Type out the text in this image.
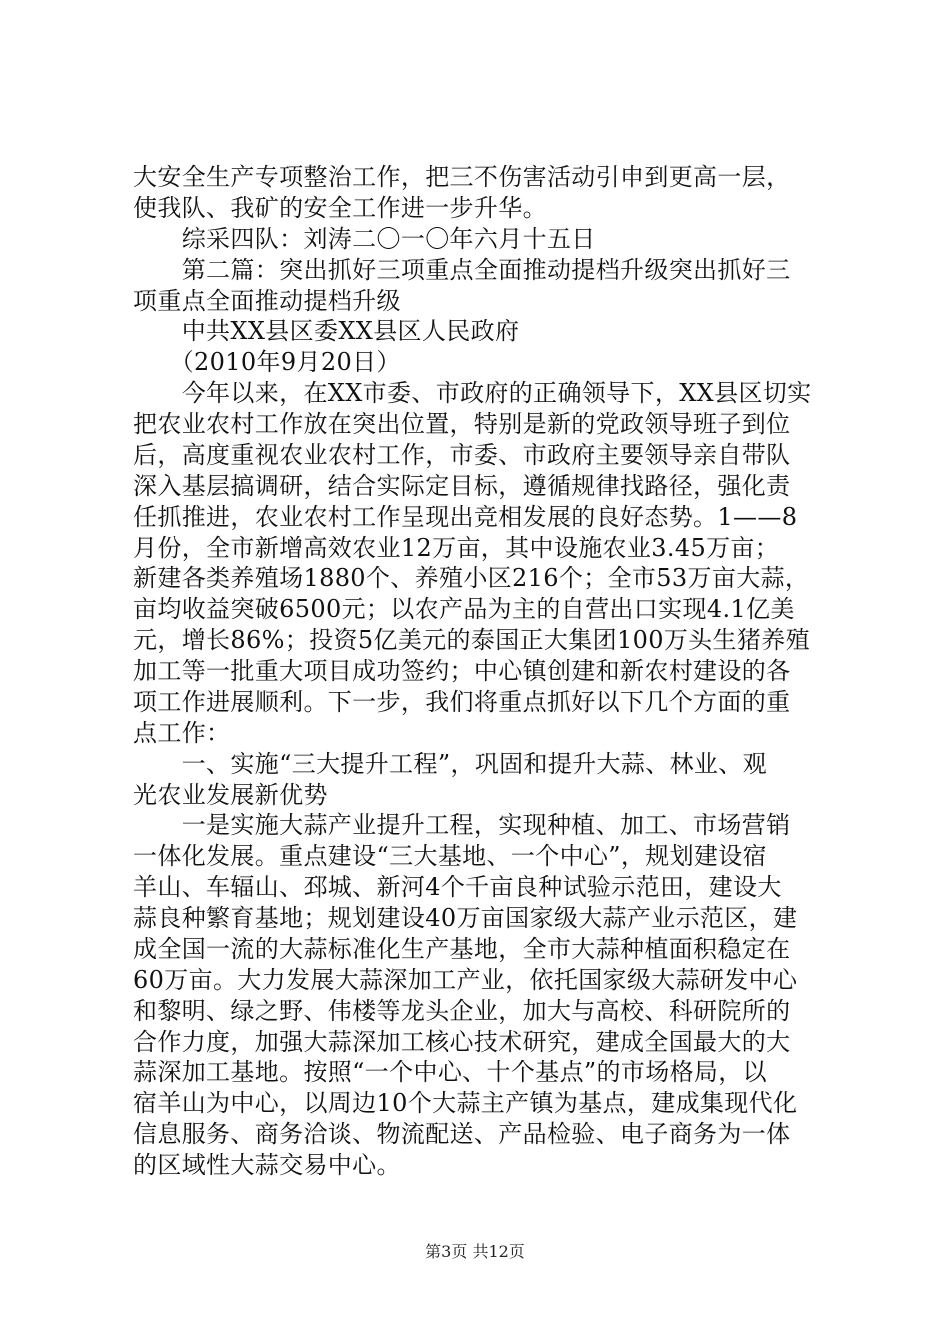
大安全生产专项整治工作，把三不伤害活动引申到更高一层，
使我队、我矿的安全工作进一步升华。
　　综采四队：刘涛二〇一〇年六月十五日
　　第二篇：突出抓好三项重点全面推动提档升级突出抓好三
项重点全面推动提档升级
　　中共XX县区委XX县区人民政府
　　（2010年9月20日）
　　今年以来，在XX市委、市政府的正确领导下，XX县区切实
把农业农村工作放在突出位置，特别是新的党政领导班子到位
后，高度重视农业农村工作，市委、市政府主要领导亲自带队
深入基层搞调研，结合实际定目标，遵循规律找路径，强化责
任抓推进，农业农村工作呈现出竞相发展的良好态势。1——8
月份，全市新增高效农业12万亩，其中设施农业3.45万亩；
新建各类养殖场1880个、养殖小区216个；全市53万亩大蒜，
亩均收益突破6500元；以农产品为主的自营出口实现4.1亿美
元，增长86%；投资5亿美元的泰国正大集团100万头生猪养殖
加工等一批重大项目成功签约；中心镇创建和新农村建设的各
项工作进展顺利。下一步，我们将重点抓好以下几个方面的重
点工作：
　　一、实施“三大提升工程”，巩固和提升大蒜、林业、观
光农业发展新优势
　　一是实施大蒜产业提升工程，实现种植、加工、市场营销
一体化发展。重点建设“三大基地、一个中心”，规划建设宿
羊山、车辐山、邳城、新河4个千亩良种试验示范田，建设大
蒜良种繁育基地；规划建设40万亩国家级大蒜产业示范区，建
成全国一流的大蒜标准化生产基地，全市大蒜种植面积稳定在
60万亩。大力发展大蒜深加工产业，依托国家级大蒜研发中心
和黎明、绿之野、伟楼等龙头企业，加大与高校、科研院所的
合作力度，加强大蒜深加工核心技术研究，建成全国最大的大
蒜深加工基地。按照“一个中心、十个基点”的市场格局，以
宿羊山为中心，以周边10个大蒜主产镇为基点，建成集现代化
信息服务、商务洽谈、物流配送、产品检验、电子商务为一体
的区域性大蒜交易中心。
第3页 共12页
